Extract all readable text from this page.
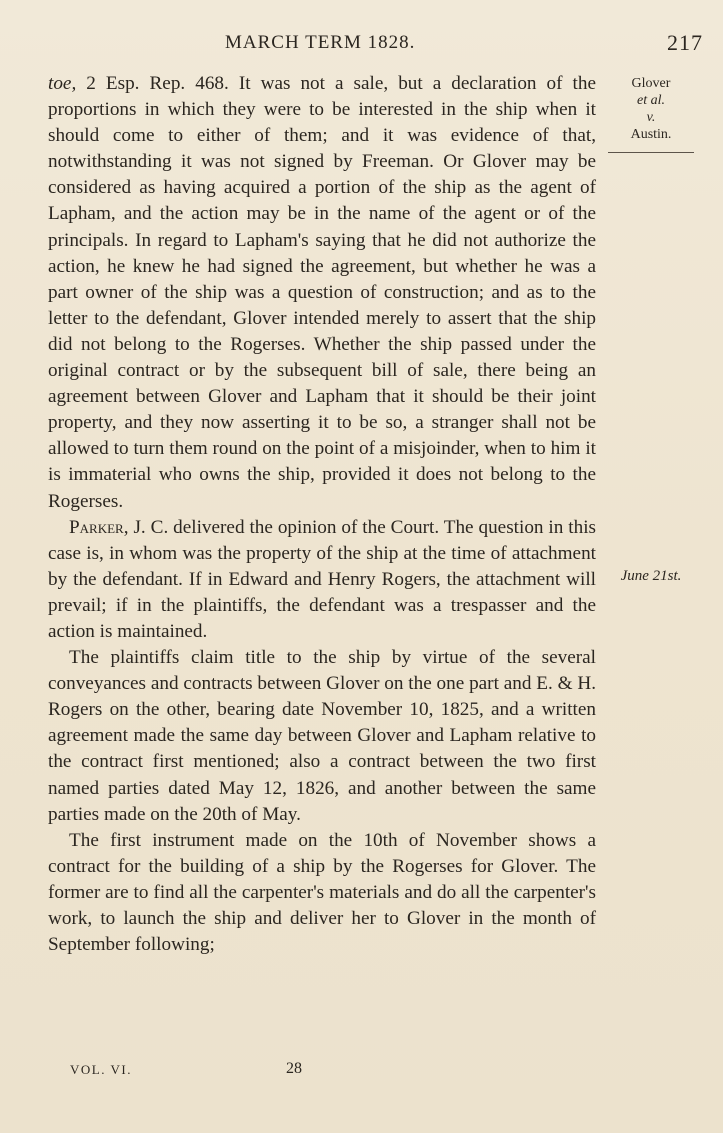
MARCH TERM 1828.	217
Glover
et al.
v.
Austin.
June 21st.

toe, 2 Esp. Rep. 468. It was not a sale, but a declaration of the proportions in which they were to be interested in the ship when it should come to either of them; and it was evidence of that, notwithstanding it was not signed by Freeman. Or Glover may be considered as having acquired a portion of the ship as the agent of Lapham, and the action may be in the name of the agent or of the principals. In regard to Lapham's saying that he did not authorize the action, he knew he had signed the agreement, but whether he was a part owner of the ship was a question of construction; and as to the letter to the defendant, Glover intended merely to assert that the ship did not belong to the Rogerses. Whether the ship passed under the original contract or by the subsequent bill of sale, there being an agreement between Glover and Lapham that it should be their joint property, and they now asserting it to be so, a stranger shall not be allowed to turn them round on the point of a misjoinder, when to him it is immaterial who owns the ship, provided it does not belong to the Rogerses.

Parker, J. C. delivered the opinion of the Court. The question in this case is, in whom was the property of the ship at the time of attachment by the defendant. If in Edward and Henry Rogers, the attachment will prevail; if in the plaintiffs, the defendant was a trespasser and the action is maintained.

The plaintiffs claim title to the ship by virtue of the several conveyances and contracts between Glover on the one part and E. & H. Rogers on the other, bearing date November 10, 1825, and a written agreement made the same day between Glover and Lapham relative to the contract first mentioned; also a contract between the two first named parties dated May 12, 1826, and another between the same parties made on the 20th of May.

The first instrument made on the 10th of November shows a contract for the building of a ship by the Rogerses for Glover. The former are to find all the carpenter's materials and do all the carpenter's work, to launch the ship and deliver her to Glover in the month of September following;

VOL. VI.	28
